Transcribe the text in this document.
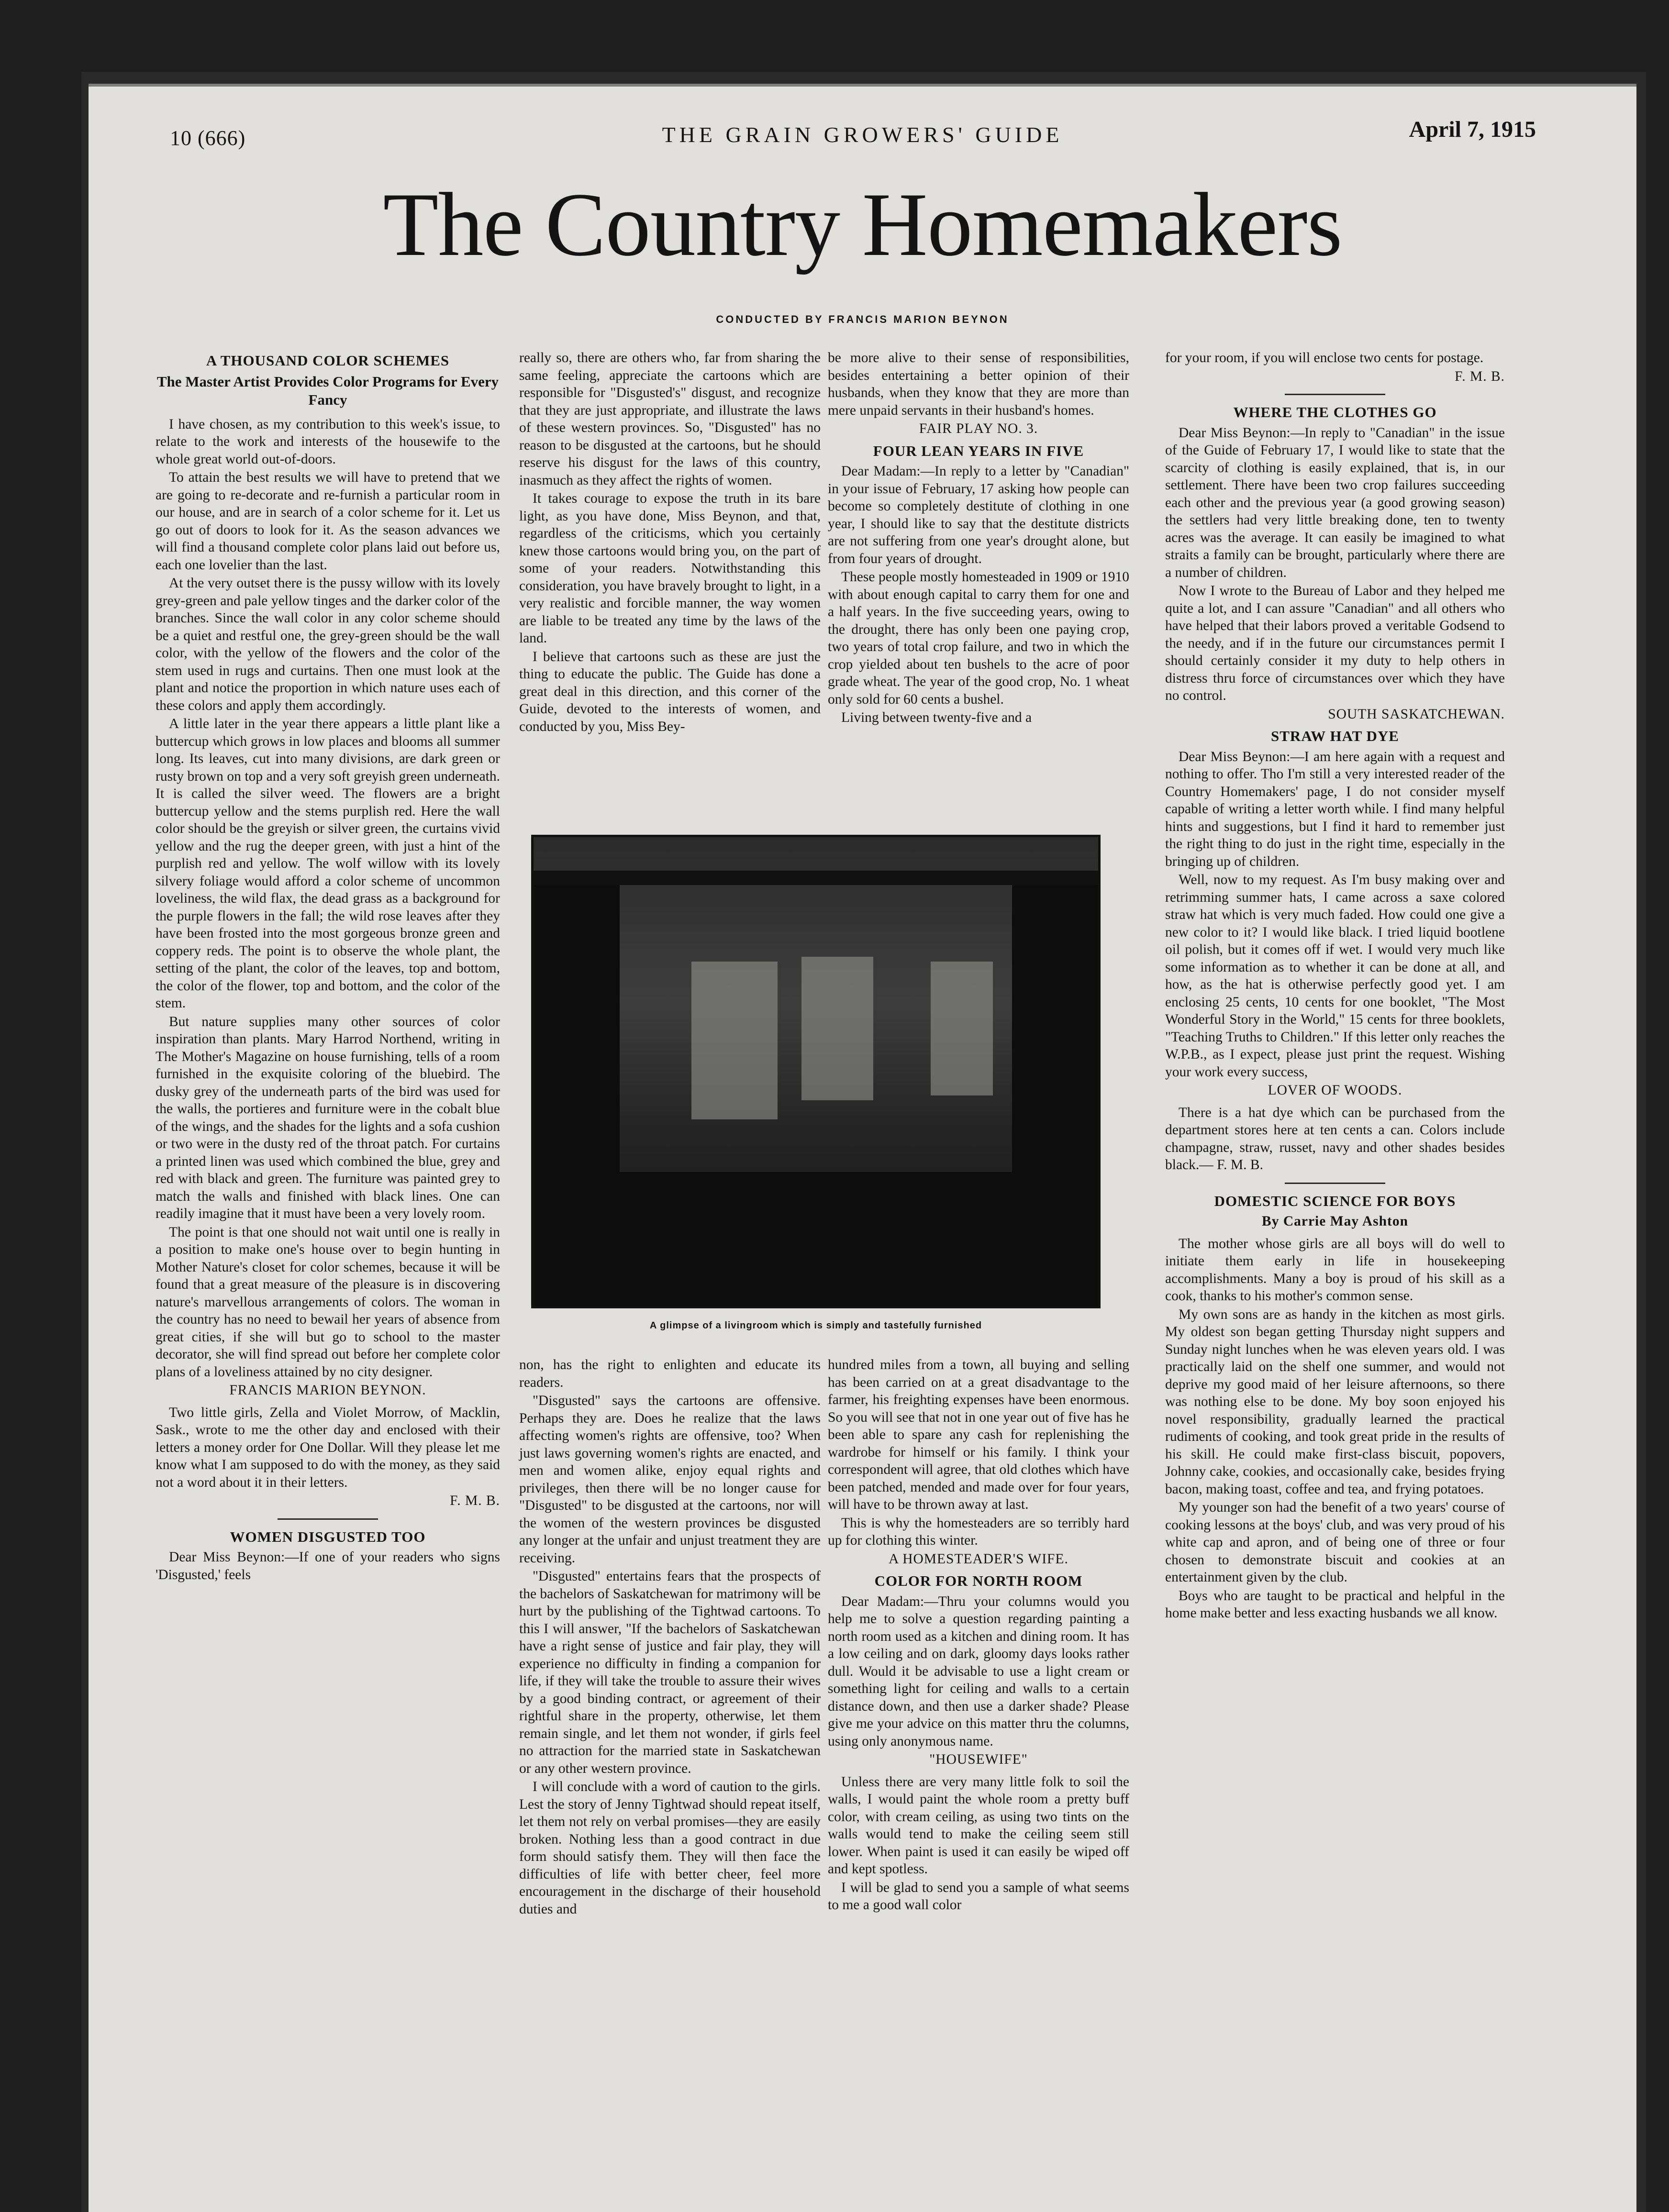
10 (666)	THE GRAIN GROWERS' GUIDE	April 7, 1915
The Country Homemakers
CONDUCTED BY FRANCIS MARION BEYNON
A THOUSAND COLOR SCHEMES
The Master Artist Provides Color Programs for Every Fancy

I have chosen, as my contribution to this week's issue, to relate to the work and interests of the housewife to the whole great world out-of-doors.

To attain the best results we will have to pretend that we are going to re-decorate and re-furnish a particular room in our house, and are in search of a color scheme for it. Let us go out of doors to look for it. As the season advances we will find a thousand complete color plans laid out before us, each one lovelier than the last.

At the very outset there is the pussy willow with its lovely grey-green and pale yellow tinges and the darker color of the branches. Since the wall color in any color scheme should be a quiet and restful one, the grey-green should be the wall color, with the yellow of the flowers and the color of the stem used in rugs and curtains. Then one must look at the plant and notice the proportion in which nature uses each of these colors and apply them accordingly.

A little later in the year there appears a little plant like a buttercup which grows in low places and blooms all summer long. Its leaves, cut into many divisions, are dark green or rusty brown on top and a very soft greyish green underneath. It is called the silver weed. The flowers are a bright buttercup yellow and the stems purplish red. Here the wall color should be the greyish or silver green, the curtains vivid yellow and the rug the deeper green, with just a hint of the purplish red and yellow. The wolf willow with its lovely silvery foliage would afford a color scheme of uncommon loveliness, the wild flax, the dead grass as a background for the purple flowers in the fall; the wild rose leaves after they have been frosted into the most gorgeous bronze green and coppery reds. The point is to observe the whole plant, the setting of the plant, the color of the leaves, top and bottom, the color of the flower, top and bottom, and the color of the stem.

But nature supplies many other sources of color inspiration than plants. Mary Harrod Northend, writing in The Mother's Magazine on house furnishing, tells of a room furnished in the exquisite coloring of the bluebird. The dusky grey of the underneath parts of the bird was used for the walls, the portieres and furniture were in the cobalt blue of the wings, and the shades for the lights and a sofa cushion or two were in the dusty red of the throat patch. For curtains a printed linen was used which combined the blue, grey and red with black and green. The furniture was painted grey to match the walls and finished with black lines. One can readily imagine that it must have been a very lovely room.

The point is that one should not wait until one is really in a position to make one's house over to begin hunting in Mother Nature's closet for color schemes, because it will be found that a great measure of the pleasure is in discovering nature's marvellous arrangements of colors. The woman in the country has no need to bewail her years of absence from great cities, if she will but go to school to the master decorator, she will find spread out before her complete color plans of a loveliness attained by no city designer.

FRANCIS MARION BEYNON.

Two little girls, Zella and Violet Morrow, of Macklin, Sask., wrote to me the other day and enclosed with their letters a money order for One Dollar. Will they please let me know what I am supposed to do with the money, as they said not a word about it in their letters.

F. M. B.
WOMEN DISGUSTED TOO

Dear Miss Beynon:—If one of your readers who signs 'Disgusted,' feels

really so, there are others who, far from sharing the same feeling, appreciate the cartoons which are responsible for "Disgusted's" disgust, and recognize that they are just appropriate, and illustrate the laws of these western provinces. So, "Disgusted" has no reason to be disgusted at the cartoons, but he should reserve his disgust for the laws of this country, inasmuch as they affect the rights of women.

It takes courage to expose the truth in its bare light, as you have done, Miss Beynon, and that, regardless of the criticisms, which you certainly knew those cartoons would bring you, on the part of some of your readers. Notwithstanding this consideration, you have bravely brought to light, in a very realistic and forcible manner, the way women are liable to be treated any time by the laws of the land.

I believe that cartoons such as these are just the thing to educate the public. The Guide has done a great deal in this direction, and this corner of the Guide, devoted to the interests of women, and conducted by you, Miss Bey-

be more alive to their sense of responsibilities, besides entertaining a better opinion of their husbands, when they know that they are more than mere unpaid servants in their husband's homes.

FAIR PLAY NO. 3.
FOUR LEAN YEARS IN FIVE

Dear Madam:—In reply to a letter by "Canadian" in your issue of February, 17 asking how people can become so completely destitute of clothing in one year, I should like to say that the destitute districts are not suffering from one year's drought alone, but from four years of drought.

These people mostly homesteaded in 1909 or 1910 with about enough capital to carry them for one and a half years. In the five succeeding years, owing to the drought, there has only been one paying crop, two years of total crop failure, and two in which the crop yielded about ten bushels to the acre of poor grade wheat. The year of the good crop, No. 1 wheat only sold for 60 cents a bushel.

Living between twenty-five and a

A glimpse of a livingroom which is simply and tastefully furnished

non, has the right to enlighten and educate its readers.

"Disgusted" says the cartoons are offensive. Perhaps they are. Does he realize that the laws affecting women's rights are offensive, too? When just laws governing women's rights are enacted, and men and women alike, enjoy equal rights and privileges, then there will be no longer cause for "Disgusted" to be disgusted at the cartoons, nor will the women of the western provinces be disgusted any longer at the unfair and unjust treatment they are receiving.

"Disgusted" entertains fears that the prospects of the bachelors of Saskatchewan for matrimony will be hurt by the publishing of the Tightwad cartoons. To this I will answer, "If the bachelors of Saskatchewan have a right sense of justice and fair play, they will experience no difficulty in finding a companion for life, if they will take the trouble to assure their wives by a good binding contract, or agreement of their rightful share in the property, otherwise, let them remain single, and let them not wonder, if girls feel no attraction for the married state in Saskatchewan or any other western province.

I will conclude with a word of caution to the girls. Lest the story of Jenny Tightwad should repeat itself, let them not rely on verbal promises—they are easily broken. Nothing less than a good contract in due form should satisfy them. They will then face the difficulties of life with better cheer, feel more encouragement in the discharge of their household duties and

hundred miles from a town, all buying and selling has been carried on at a great disadvantage to the farmer, his freighting expenses have been enormous. So you will see that not in one year out of five has he been able to spare any cash for replenishing the wardrobe for himself or his family. I think your correspondent will agree, that old clothes which have been patched, mended and made over for four years, will have to be thrown away at last.

This is why the homesteaders are so terribly hard up for clothing this winter.

A HOMESTEADER'S WIFE.
COLOR FOR NORTH ROOM

Dear Madam:—Thru your columns would you help me to solve a question regarding painting a north room used as a kitchen and dining room. It has a low ceiling and on dark, gloomy days looks rather dull. Would it be advisable to use a light cream or something light for ceiling and walls to a certain distance down, and then use a darker shade? Please give me your advice on this matter thru the columns, using only anonymous name.

"HOUSEWIFE"

Unless there are very many little folk to soil the walls, I would paint the whole room a pretty buff color, with cream ceiling, as using two tints on the walls would tend to make the ceiling seem still lower. When paint is used it can easily be wiped off and kept spotless.

I will be glad to send you a sample of what seems to me a good wall color

for your room, if you will enclose two cents for postage.

F. M. B.
WHERE THE CLOTHES GO

Dear Miss Beynon:—In reply to "Canadian" in the issue of the Guide of February 17, I would like to state that the scarcity of clothing is easily explained, that is, in our settlement. There have been two crop failures succeeding each other and the previous year (a good growing season) the settlers had very little breaking done, ten to twenty acres was the average. It can easily be imagined to what straits a family can be brought, particularly where there are a number of children.

Now I wrote to the Bureau of Labor and they helped me quite a lot, and I can assure "Canadian" and all others who have helped that their labors proved a veritable Godsend to the needy, and if in the future our circumstances permit I should certainly consider it my duty to help others in distress thru force of circumstances over which they have no control.

SOUTH SASKATCHEWAN.
STRAW HAT DYE

Dear Miss Beynon:—I am here again with a request and nothing to offer. Tho I'm still a very interested reader of the Country Homemakers' page, I do not consider myself capable of writing a letter worth while. I find many helpful hints and suggestions, but I find it hard to remember just the right thing to do just in the right time, especially in the bringing up of children.

Well, now to my request. As I'm busy making over and retrimming summer hats, I came across a saxe colored straw hat which is very much faded. How could one give a new color to it? I would like black. I tried liquid bootlene oil polish, but it comes off if wet. I would very much like some information as to whether it can be done at all, and how, as the hat is otherwise perfectly good yet. I am enclosing 25 cents, 10 cents for one booklet, "The Most Wonderful Story in the World," 15 cents for three booklets, "Teaching Truths to Children." If this letter only reaches the W.P.B., as I expect, please just print the request. Wishing your work every success,

LOVER OF WOODS.

There is a hat dye which can be purchased from the department stores here at ten cents a can. Colors include champagne, straw, russet, navy and other shades besides black.— F. M. B.

DOMESTIC SCIENCE FOR BOYS
By Carrie May Ashton

The mother whose girls are all boys will do well to initiate them early in life in housekeeping accomplishments. Many a boy is proud of his skill as a cook, thanks to his mother's common sense.

My own sons are as handy in the kitchen as most girls. My oldest son began getting Thursday night suppers and Sunday night lunches when he was eleven years old. I was practically laid on the shelf one summer, and would not deprive my good maid of her leisure afternoons, so there was nothing else to be done. My boy soon enjoyed his novel responsibility, gradually learned the practical rudiments of cooking, and took great pride in the results of his skill. He could make first-class biscuit, popovers, Johnny cake, cookies, and occasionally cake, besides frying bacon, making toast, coffee and tea, and frying potatoes.

My younger son had the benefit of a two years' course of cooking lessons at the boys' club, and was very proud of his white cap and apron, and of being one of three or four chosen to demonstrate biscuit and cookies at an entertainment given by the club.

Boys who are taught to be practical and helpful in the home make better and less exacting husbands we all know.
